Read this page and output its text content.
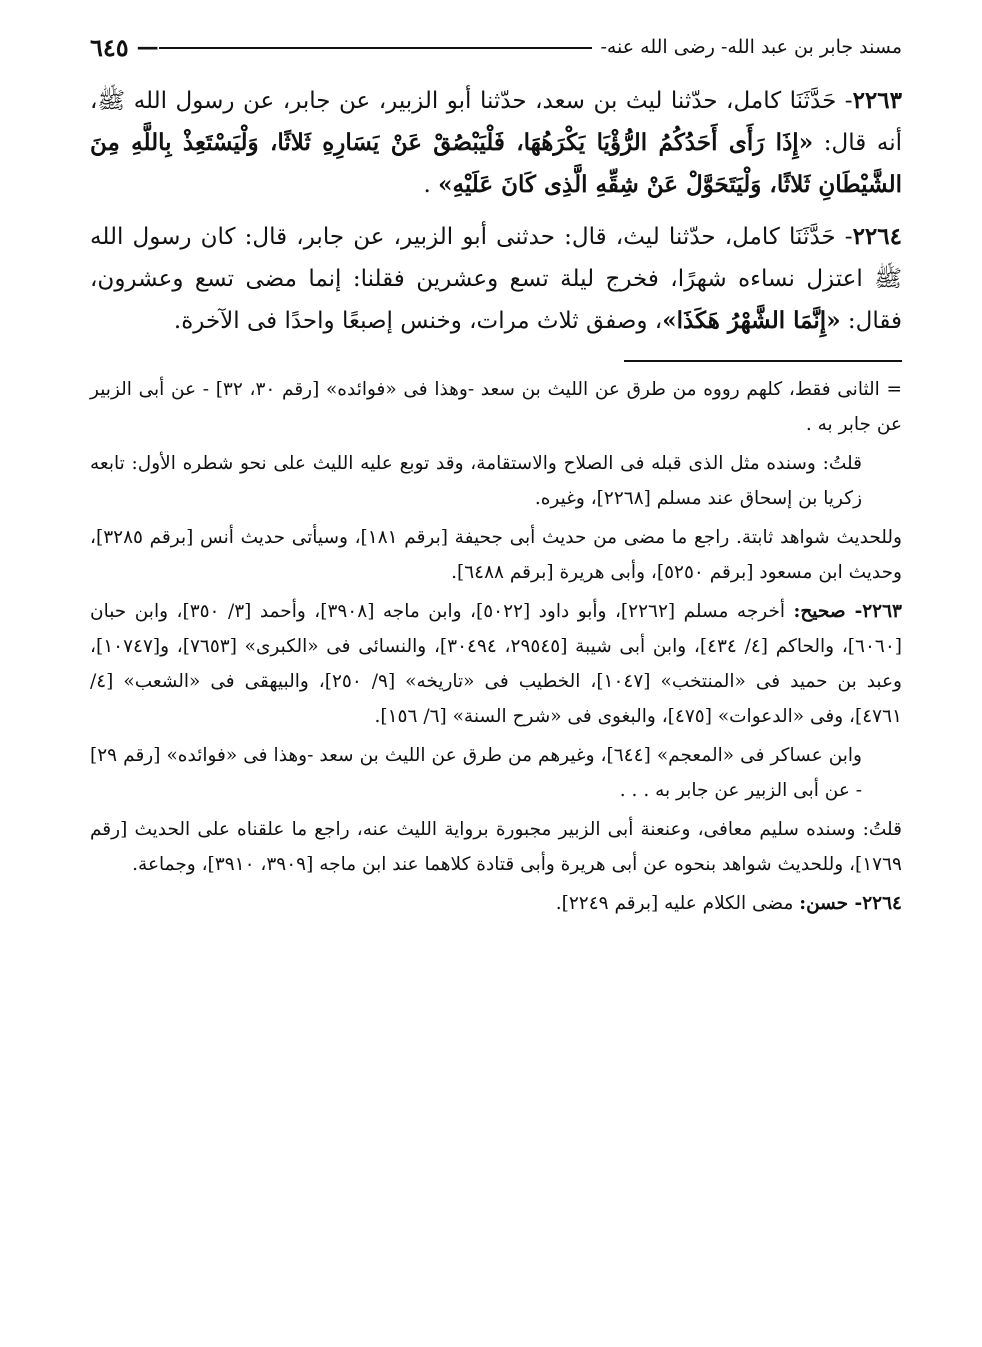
مسند جابر بن عبد الله- رضى الله عنه-
—
٦٤٥

٢٢٦٣- حَدَّثَنَا كامل، حدّثنا ليث بن سعد، حدّثنا أبو الزبير، عن جابر، عن رسول الله ﷺ، أنه قال: «إِذَا رَأَى أَحَدُكُمُ الرُّؤْيَا يَكْرَهُهَا، فَلْيَبْصُقْ عَنْ يَسَارِهِ ثَلاثًا، وَلْيَسْتَعِذْ بِاللَّهِ مِنَ الشَّيْطَانِ ثَلاثًا، وَلْيَتَحَوَّلْ عَنْ شِقِّهِ الَّذِى كَانَ عَلَيْهِ» .

٢٢٦٤- حَدَّثَنَا كامل، حدّثنا ليث، قال: حدثنى أبو الزبير، عن جابر، قال: كان رسول الله ﷺ اعتزل نساءه شهرًا، فخرج ليلة تسع وعشرين فقلنا: إنما مضى تسع وعشرون، فقال: «إِنَّمَا الشَّهْرُ هَكَذَا»، وصفق ثلاث مرات، وخنس إصبعًا واحدًا فى الآخرة.

= الثانى فقط، كلهم رووه من طرق عن الليث بن سعد -وهذا فى «فوائده» [رقم ٣٠، ٣٢] - عن أبى الزبير عن جابر به .

قلتُ: وسنده مثل الذى قبله فى الصلاح والاستقامة، وقد توبع عليه الليث على نحو شطره الأول: تابعه زكريا بن إسحاق عند مسلم [٢٢٦٨]، وغيره.

وللحديث شواهد ثابتة. راجع ما مضى من حديث أبى جحيفة [برقم ١٨١]، وسيأتى حديث أنس [برقم ٣٢٨٥]، وحديث ابن مسعود [برقم ٥٢٥٠]، وأبى هريرة [برقم ٦٤٨٨].

٢٢٦٣- صحيح: أخرجه مسلم [٢٢٦٢]، وأبو داود [٥٠٢٢]، وابن ماجه [٣٩٠٨]، وأحمد [٣/ ٣٥٠]، وابن حبان [٦٠٦٠]، والحاكم [٤/ ٤٣٤]، وابن أبى شيبة [٢٩٥٤٥، ٣٠٤٩٤]، والنسائى فى «الكبرى» [٧٦٥٣]، و[١٠٧٤٧]، وعبد بن حميد فى «المنتخب» [١٠٤٧]، الخطيب فى «تاريخه» [٩/ ٢٥٠]، والبيهقى فى «الشعب» [٤/ ٤٧٦١]، وفى «الدعوات» [٤٧٥]، والبغوى فى «شرح السنة» [٦/ ١٥٦].

وابن عساكر فى «المعجم» [٦٤٤]، وغيرهم من طرق عن الليث بن سعد -وهذا فى «فوائده» [رقم ٢٩] - عن أبى الزبير عن جابر به . . .

قلتُ: وسنده سليم معافى، وعنعنة أبى الزبير مجبورة برواية الليث عنه، راجع ما علقناه على الحديث [رقم ١٧٦٩]، وللحديث شواهد بنحوه عن أبى هريرة وأبى قتادة كلاهما عند ابن ماجه [٣٩٠٩، ٣٩١٠]، وجماعة.

٢٢٦٤- حسن: مضى الكلام عليه [برقم ٢٢٤٩].
